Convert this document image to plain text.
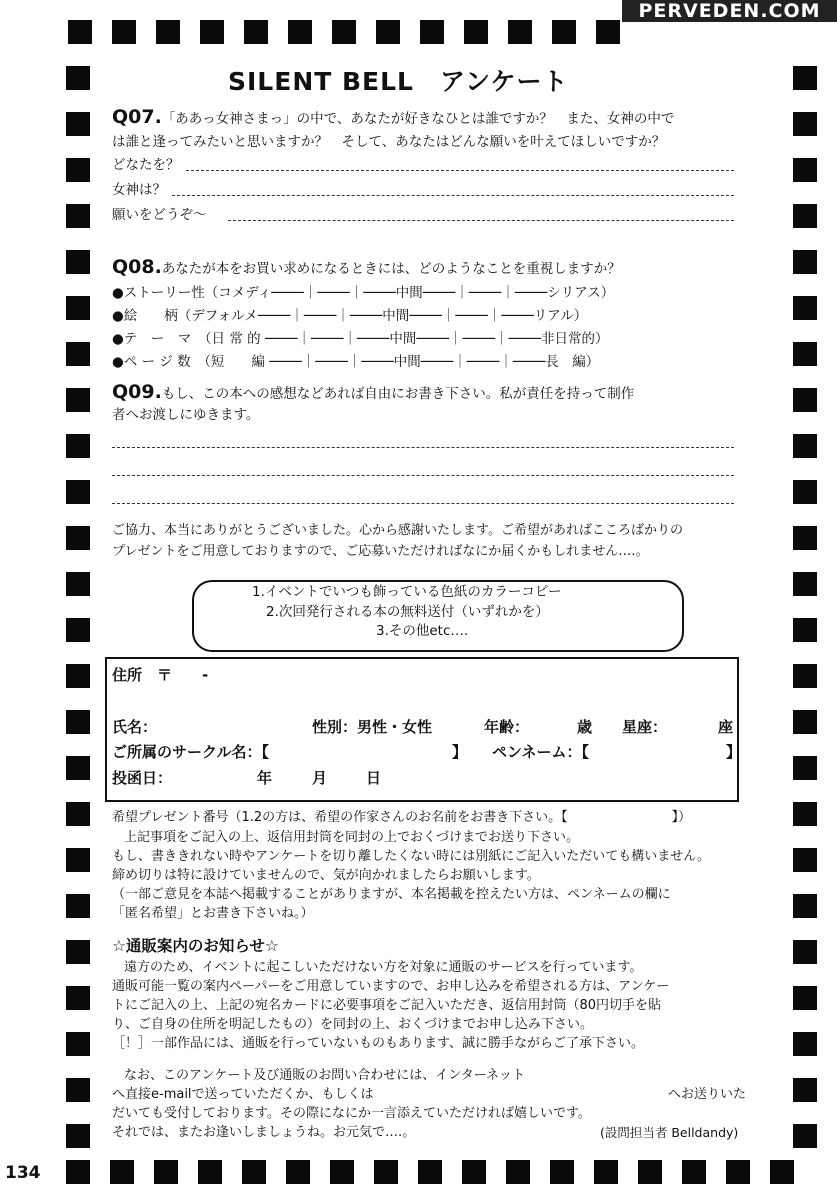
PERVEDEN.COM
SILENT BELL　アンケート
Q07.「ああっ女神さまっ」の中で、あなたが好きなひとは誰ですか？　また、女神の中で
は誰と逢ってみたいと思いますか？　そして、あなたはどんな願いを叶えてほしいですか？
どなたを？
女神は？
願いをどうぞ〜
Q08.あなたが本をお買い求めになるときには、どのようなことを重視しますか？
●ストーリー性（コメディ────｜────｜────中間────｜────｜────シリアス）
●絵　　柄（デフォルメ────｜────｜────中間────｜────｜────リアル）
●テ　ー　マ　（日 常 的 ────｜────｜────中間────｜────｜────非日常的）
●ペ ー ジ 数　（短　　編 ────｜────｜────中間────｜────｜────長　編）
Q09.もし、この本への感想などあれば自由にお書き下さい。私が責任を持って制作
者へお渡しにゆきます。
ご協力、本当にありがとうございました。心から感謝いたします。ご希望があればこころばかりの
プレゼントをご用意しておりますので、ご応募いただければなにか届くかもしれません‥‥。
1.イベントでいつも飾っている色紙のカラーコピー
2.次回発行される本の無料送付（いずれかを）
3.その他etc‥‥
住所　〒　　-
氏名：	性別：男性・女性	年齢：	歳 星座：	座
ご所属のサークル名：【	】 ペンネーム：【	】
投函日：	年	月	日
希望プレゼント番号（1.2の方は、希望の作家さんのお名前をお書き下さい。【　　　　　　　　】）
上記事項をご記入の上、返信用封筒を同封の上でおくづけまでお送り下さい。
もし、書ききれない時やアンケートを切り離したくない時には別紙にご記入いただいても構いません。
締め切りは特に設けていませんので、気が向かれましたらお願いします。
（一部ご意見を本誌へ掲載することがありますが、本名掲載を控えたい方は、ペンネームの欄に
「匿名希望」とお書き下さいね。）
☆通販案内のお知らせ☆
遠方のため、イベントに起こしいただけない方を対象に通販のサービスを行っています。
通販可能一覧の案内ペーパーをご用意していますので、お申し込みを希望される方は、アンケー
トにご記入の上、上記の宛名カードに必要事項をご記入いただき、返信用封筒（80円切手を貼
り、ご自身の住所を明記したもの）を同封の上、おくづけまでお申し込み下さい。
［！］一部作品には、通販を行っていないものもあります、誠に勝手ながらご了承下さい。
なお、このアンケート及び通販のお問い合わせには、インターネット
へ直接e-mailで送っていただくか、もしくは	へお送りいた
だいても受付しております。その際になにか一言添えていただければ嬉しいです。
それでは、またお逢いしましょうね。お元気で‥‥。	(設問担当者 Belldandy)
134
